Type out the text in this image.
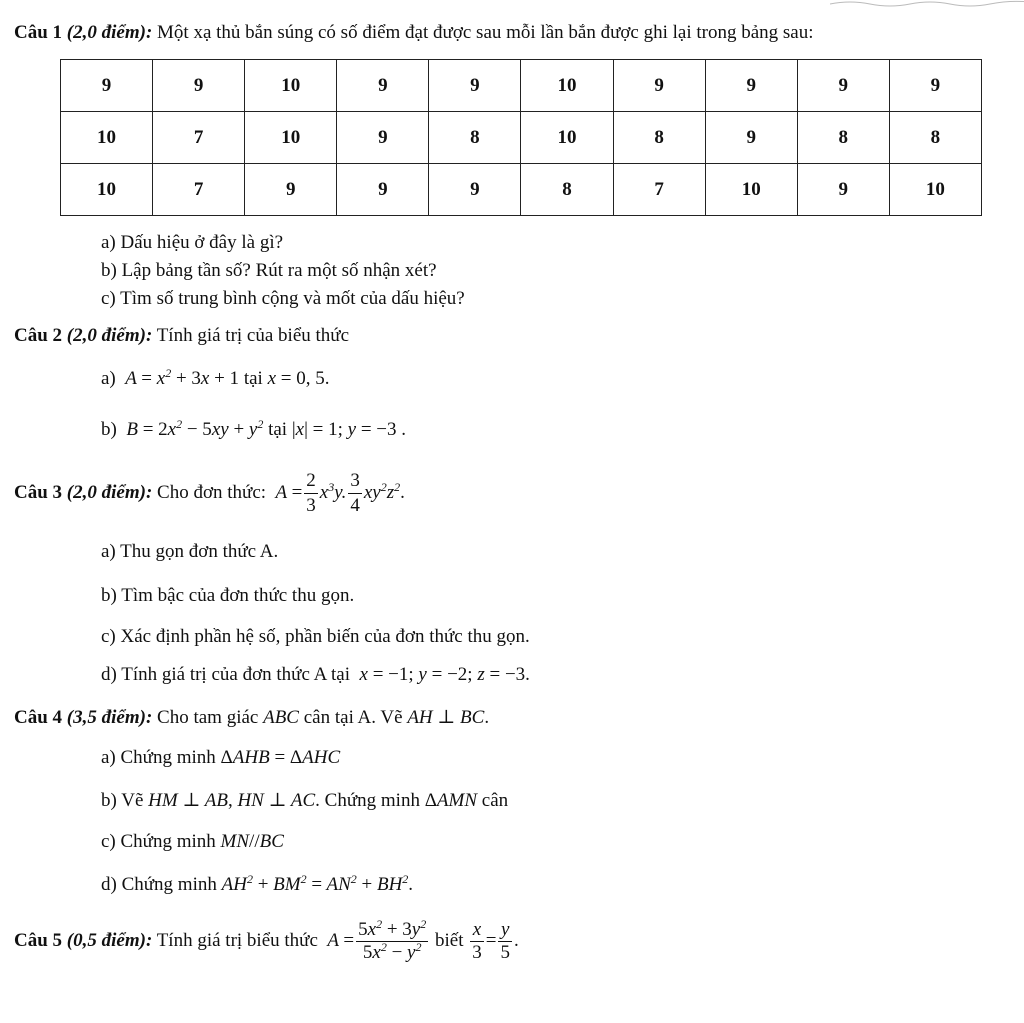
Câu 1 (2,0 điểm): Một xạ thủ bắn súng có số điểm đạt được sau mỗi lần bắn được ghi lại trong bảng sau:
9	9	10	9	9	10	9	9	9	9
10	7	10	9	8	10	8	9	8	8
10	7	9	9	9	8	7	10	9	10
a) Dấu hiệu ở đây là gì?
b) Lập bảng tần số? Rút ra một số nhận xét?
c) Tìm số trung bình cộng và mốt của dấu hiệu?
Câu 2 (2,0 điểm): Tính giá trị của biểu thức
a)  $A = x^2 + 3x + 1$ tại x = 0, 5.
b)  $B = 2x^2 - 5xy + y^2$ tại |x| = 1; y = −3 .
Câu 3 (2,0 điểm): Cho đơn thức:  $A = \frac{2}{3} x^3y$. $\frac{3}{4} xy^2z^2$.
a) Thu gọn đơn thức A.
b) Tìm bậc của đơn thức thu gọn.
c) Xác định phần hệ số, phần biến của đơn thức thu gọn.
d) Tính giá trị của đơn thức A tại  x = −1; y = −2; z = −3.
Câu 4 (3,5 điểm): Cho tam giác ABC cân tại A. Vẽ AH ⊥ BC.
a) Chứng minh ΔAHB = ΔAHC
b) Vẽ HM ⊥ AB, HN ⊥ AC. Chứng minh ΔAMN cân
c) Chứng minh MN//BC
d) Chứng minh $AH^2 + BM^2 = AN^2 + BH^2$.
Câu 5 (0,5 điểm): Tính giá trị biểu thức  $A = \frac{5x^2 + 3y^2}{5x^2 - y^2}$ biết $\frac{x}{3} = \frac{y}{5}$ .
